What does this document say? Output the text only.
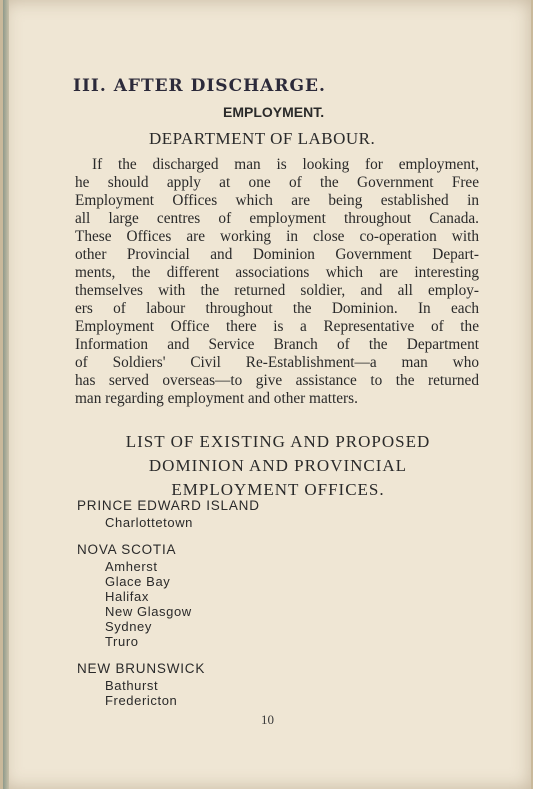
III. AFTER DISCHARGE.
EMPLOYMENT.
DEPARTMENT OF LABOUR.
If the discharged man is looking for employment,
he should apply at one of the Government Free
Employment Offices which are being established in
all large centres of employment throughout Canada.
These Offices are working in close co-operation with
other Provincial and Dominion Government Depart-
ments, the different associations which are interesting
themselves with the returned soldier, and all employ-
ers of labour throughout the Dominion. In each
Employment Office there is a Representative of the
Information and Service Branch of the Department
of Soldiers' Civil Re-Establishment—a man who
has served overseas—to give assistance to the returned
man regarding employment and other matters.
LIST OF EXISTING AND PROPOSED
DOMINION AND PROVINCIAL
EMPLOYMENT OFFICES.
PRINCE EDWARD ISLAND
Charlottetown
NOVA SCOTIA
Amherst
Glace Bay
Halifax
New Glasgow
Sydney
Truro
NEW BRUNSWICK
Bathurst
Fredericton
10
